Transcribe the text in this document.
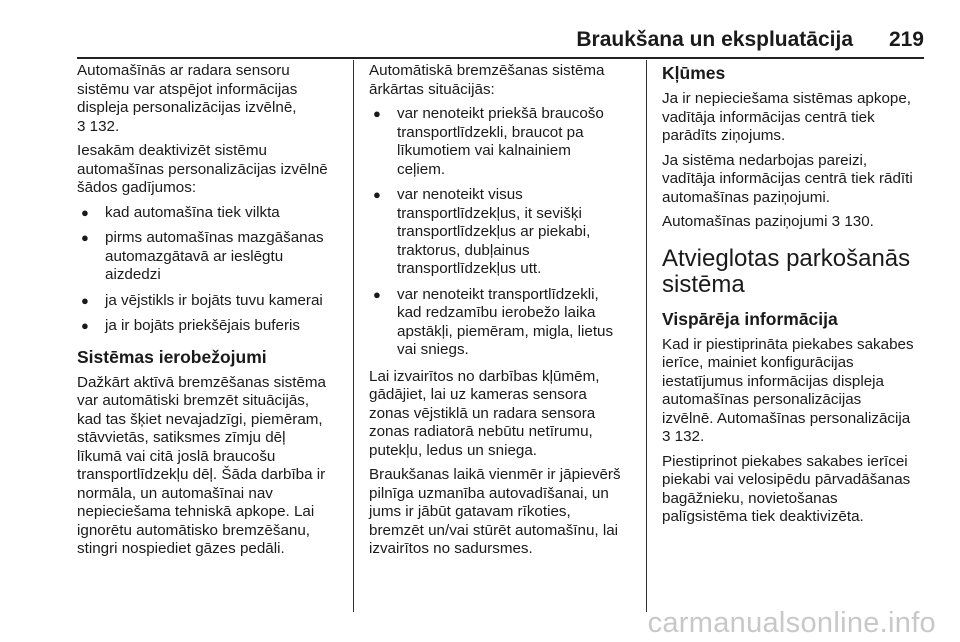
Braukšana un ekspluatācija 219

Automašīnās ar radara sensoru
sistēmu var atspējot informācijas
displeja personalizācijas izvēlnē,
3 132.

Iesakām deaktivizēt sistēmu
automašīnas personalizācijas izvēlnē
šādos gadījumos:

● kad automašīna tiek vilkta
● pirms automašīnas mazgāšanas
automazgātavā ar ieslēgtu
aizdedzi
● ja vējstikls ir bojāts tuvu kamerai
● ja ir bojāts priekšējais buferis
Sistēmas ierobežojumi

Dažkārt aktīvā bremzēšanas sistēma
var automātiski bremzēt situācijās,
kad tas šķiet nevajadzīgi, piemēram,
stāvvietās, satiksmes zīmju dēļ
līkumā vai citā joslā braucošu
transportlīdzekļu dēļ. Šāda darbība ir
normāla, un automašīnai nav
nepieciešama tehniskā apkope. Lai
ignorētu automātisko bremzēšanu,
stingri nospiediet gāzes pedāli.

Automātiskā bremzēšanas sistēma
ārkārtas situācijās:

● var nenoteikt priekšā braucošo
transportlīdzekli, braucot pa
līkumotiem vai kalnainiem
ceļiem.
● var nenoteikt visus
transportlīdzekļus, it sevišķi
transportlīdzekļus ar piekabi,
traktorus, dubļainus
transportlīdzekļus utt.
● var nenoteikt transportlīdzekli,
kad redzamību ierobežo laika
apstākļi, piemēram, migla, lietus
vai sniegs.

Lai izvairītos no darbības kļūmēm,
gādājiet, lai uz kameras sensora
zonas vējstiklā un radara sensora
zonas radiatorā nebūtu netīrumu,
putekļu, ledus un sniega.

Braukšanas laikā vienmēr ir jāpievērš
pilnīga uzmanība autovadīšanai, un
jums ir jābūt gatavam rīkoties,
bremzēt un/vai stūrēt automašīnu, lai
izvairītos no sadursmes.

Kļūmes

Ja ir nepieciešama sistēmas apkope,
vadītāja informācijas centrā tiek
parādīts ziņojums.

Ja sistēma nedarbojas pareizi,
vadītāja informācijas centrā tiek rādīti
automašīnas paziņojumi.

Automašīnas paziņojumi 3 130.

Atvieglotas parkošanās
sistēma
Vispārēja informācija

Kad ir piestiprināta piekabes sakabes
ierīce, mainiet konfigurācijas
iestatījumus informācijas displeja
automašīnas personalizācijas
izvēlnē. Automašīnas personalizācija
3 132.

Piestiprinot piekabes sakabes ierīcei
piekabi vai velosipēdu pārvadāšanas
bagāžnieku, novietošanas
palīgsistēma tiek deaktivizēta.

carmanualsonline.info
